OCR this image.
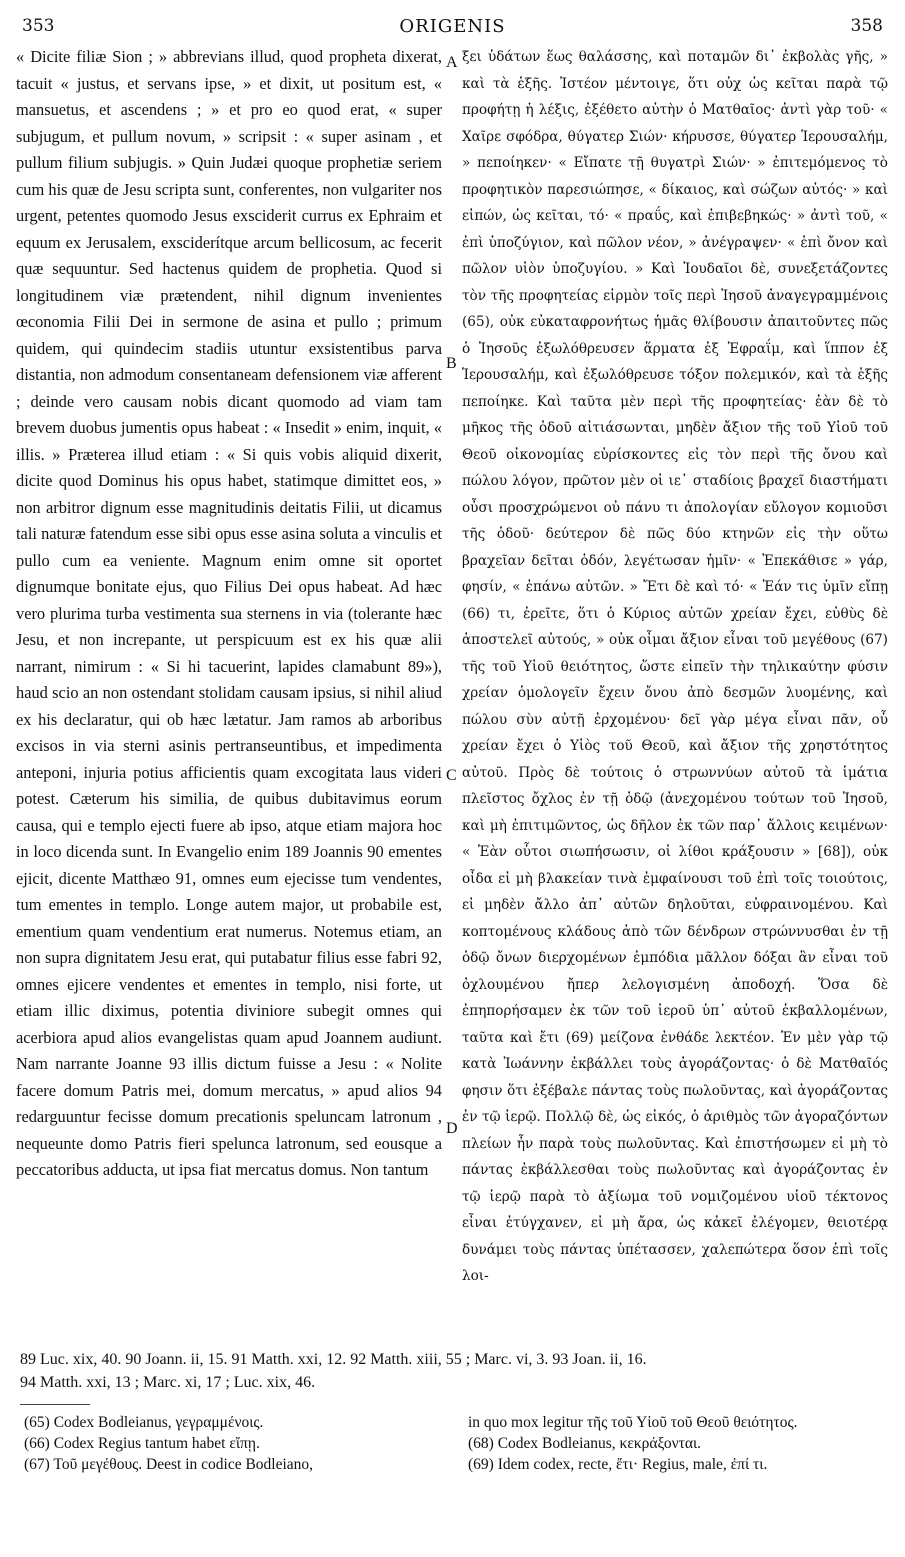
353	ORIGENIS	358

« Dicite filiæ Sion ; » abbrevians illud, quod propheta dixerat, tacuit « justus, et servans ipse, » et dixit, ut positum est, « mansuetus, et ascendens ; » et pro eo quod erat, « super subjugum, et pullum novum, » scripsit : « super asinam , et pullum filium subjugis. » Quin Judæi quoque prophetiæ seriem cum his quæ de Jesu scripta sunt, conferentes, non vulgariter nos urgent, petentes quomodo Jesus exsciderit currus ex Ephraim et equum ex Jerusalem, exsciderítque arcum bellicosum, ac fecerit quæ sequuntur. Sed hactenus quidem de prophetia. Quod si longitudinem viæ prætendent, nihil dignum invenientes œconomia Filii Dei in sermone de asina et pullo ; primum quidem, qui quindecim stadiis utuntur exsistentibus parva distantia, non admodum consentaneam defensionem viæ afferent ; deinde vero causam nobis dicant quomodo ad viam tam brevem duobus jumentis opus habeat : « Insedit » enim, inquit, « illis. » Præterea illud etiam : « Si quis vobis aliquid dixerit, dicite quod Dominus his opus habet, statimque dimittet eos, » non arbitror dignum esse magnitudinis deitatis Filii, ut dicamus tali naturæ fatendum esse sibi opus esse asina soluta a vinculis et pullo cum ea veniente. Magnum enim omne sit oportet dignumque bonitate ejus, quo Filius Dei opus habeat. Ad hæc vero plurima turba vestimenta sua sternens in via (tolerante hæc Jesu, et non increpante, ut perspicuum est ex his quæ alii narrant, nimirum : « Si hi tacuerint, lapides clamabunt 89»), haud scio an non ostendant stolidam causam ipsius, si nihil aliud ex his declaratur, qui ob hæc lætatur. Jam ramos ab arboribus excisos in via sterni asinis pertranseuntibus, et impedimenta anteponi, injuria potius afficientis quam excogitata laus videri potest. Cæterum his similia, de quibus dubitavimus eorum causa, qui e templo ejecti fuere ab ipso, atque etiam majora hoc in loco dicenda sunt. In Evangelio enim 189 Joannis 90 ementes ejicit, dicente Matthæo 91, omnes eum ejecisse tum vendentes, tum ementes in templo. Longe autem major, ut probabile est, ementium quam vendentium erat numerus. Notemus etiam, an non supra dignitatem Jesu erat, qui putabatur filius esse fabri 92, omnes ejicere vendentes et ementes in templo, nisi forte, ut etiam illic diximus, potentia diviniore subegit omnes qui acerbiora apud alios evangelistas quam apud Joannem audiunt. Nam narrante Joanne 93 illis dictum fuisse a Jesu : « Nolite facere domum Patris mei, domum mercatus, » apud alios 94 redarguuntur fecisse domum precationis speluncam latronum , nequeunte domo Patris fieri spelunca latronum, sed eousque a peccatoribus adducta, ut ipsa fiat mercatus domus. Non tantum

A
B
C
D

ξει ὑδάτων ἕως θαλάσσης, καὶ ποταμῶν δι᾿ ἐκβολὰς γῆς, » καὶ τὰ ἑξῆς. Ἰστέον μέντοιγε, ὅτι οὐχ ὡς κεῖται παρὰ τῷ προφήτῃ ἡ λέξις, ἐξέθετο αὐτὴν ὁ Ματθαῖος· ἀντὶ γὰρ τοῦ· « Χαῖρε σφόδρα, θύγατερ Σιών· κήρυσσε, θύγατερ Ἱερουσαλήμ, » πεποίηκεν· « Εἴπατε τῇ θυγατρὶ Σιών· » ἐπιτεμόμενος τὸ προφητικὸν παρεσιώπησε, « δίκαιος, καὶ σώζων αὐτός· » καὶ εἰπών, ὡς κεῖται, τό· « πραΰς, καὶ ἐπιβεβηκώς· » ἀντὶ τοῦ, « ἐπὶ ὑποζύγιον, καὶ πῶλον νέον, » ἀνέγραψεν· « ἐπὶ ὄνον καὶ πῶλον υἱὸν ὑποζυγίου. » Καὶ Ἰουδαῖοι δὲ, συνεξετάζοντες τὸν τῆς προφητείας εἱρμὸν τοῖς περὶ Ἰησοῦ ἀναγεγραμμένοις (65), οὐκ εὐκαταφρονήτως ἡμᾶς θλίβουσιν ἀπαιτοῦντες πῶς ὁ Ἰησοῦς ἐξωλόθρευσεν ἅρματα ἐξ Ἐφραΐμ, καὶ ἵππον ἐξ Ἱερουσαλήμ, καὶ ἐξωλόθρευσε τόξον πολεμικόν, καὶ τὰ ἑξῆς πεποίηκε. Καὶ ταῦτα μὲν περὶ τῆς προφητείας· ἐὰν δὲ τὸ μῆκος τῆς ὁδοῦ αἰτιάσωνται, μηδὲν ἄξιον τῆς τοῦ Υἱοῦ τοῦ Θεοῦ οἰκονομίας εὑρίσκοντες εἰς τὸν περὶ τῆς ὄνου καὶ πώλου λόγον, πρῶτον μὲν οἱ ιε᾿ σταδίοις βραχεῖ διαστήματι οὖσι προσχρώμενοι οὐ πάνυ τι ἀπολογίαν εὔλογον κομιοῦσι τῆς ὁδοῦ· δεύτερον δὲ πῶς δύο κτηνῶν εἰς τὴν οὕτω βραχεῖαν δεῖται ὁδόν, λεγέτωσαν ἡμῖν· « Ἐπεκάθισε » γάρ, φησίν, « ἐπάνω αὐτῶν. » Ἔτι δὲ καὶ τό· « Ἐάν τις ὑμῖν εἴπῃ (66) τι, ἐρεῖτε, ὅτι ὁ Κύριος αὐτῶν χρείαν ἔχει, εὐθὺς δὲ ἀποστελεῖ αὐτούς, » οὐκ οἶμαι ἄξιον εἶναι τοῦ μεγέθους (67) τῆς τοῦ Υἱοῦ θειότητος, ὥστε εἰπεῖν τὴν τηλικαύτην φύσιν χρείαν ὁμολογεῖν ἔχειν ὄνου ἀπὸ δεσμῶν λυομένης, καὶ πώλου σὺν αὐτῇ ἐρχομένου· δεῖ γὰρ μέγα εἶναι πᾶν, οὗ χρείαν ἔχει ὁ Υἱὸς τοῦ Θεοῦ, καὶ ἄξιον τῆς χρηστότητος αὐτοῦ. Πρὸς δὲ τούτοις ὁ στρωννύων αὐτοῦ τὰ ἱμάτια πλεῖστος ὄχλος ἐν τῇ ὁδῷ (ἀνεχομένου τούτων τοῦ Ἰησοῦ, καὶ μὴ ἐπιτιμῶντος, ὡς δῆλον ἐκ τῶν παρ᾿ ἄλλοις κειμένων· « Ἐὰν οὗτοι σιωπήσωσιν, οἱ λίθοι κράξουσιν » [68]), οὐκ οἶδα εἰ μὴ βλακείαν τινὰ ἐμφαίνουσι τοῦ ἐπὶ τοῖς τοιούτοις, εἰ μηδὲν ἄλλο ἀπ᾿ αὐτῶν δηλοῦται, εὐφραινομένου. Καὶ κοπτομένους κλάδους ἀπὸ τῶν δένδρων στρώννυσθαι ἐν τῇ ὁδῷ ὄνων διερχομένων ἐμπόδια μᾶλλον δόξαι ἂν εἶναι τοῦ ὀχλουμένου ἤπερ λελογισμένη ἀποδοχή. Ὅσα δὲ ἐπηπορήσαμεν ἐκ τῶν τοῦ ἱεροῦ ὑπ᾿ αὐτοῦ ἐκβαλλομένων, ταῦτα καὶ ἔτι (69) μείζονα ἐνθάδε λεκτέον. Ἐν μὲν γὰρ τῷ κατὰ Ἰωάννην ἐκβάλλει τοὺς ἀγοράζοντας· ὁ δὲ Ματθαῖός φησιν ὅτι ἐξέβαλε πάντας τοὺς πωλοῦντας, καὶ ἀγοράζοντας ἐν τῷ ἱερῷ. Πολλῷ δὲ, ὡς εἰκός, ὁ ἀριθμὸς τῶν ἀγοραζόντων πλείων ἦν παρὰ τοὺς πωλοῦντας. Καὶ ἐπιστήσωμεν εἰ μὴ τὸ πάντας ἐκβάλλεσθαι τοὺς πωλοῦντας καὶ ἀγοράζοντας ἐν τῷ ἱερῷ παρὰ τὸ ἀξίωμα τοῦ νομιζομένου υἱοῦ τέκτονος εἶναι ἐτύγχανεν, εἰ μὴ ἄρα, ὡς κἀκεῖ ἐλέγομεν, θειοτέρᾳ δυνάμει τοὺς πάντας ὑπέτασσεν, χαλεπώτερα ὅσον ἐπὶ τοῖς λοι-

89 Luc. xix, 40. 90 Joann. ii, 15. 91 Matth. xxi, 12. 92 Matth. xiii, 55 ; Marc. vi, 3. 93 Joan. ii, 16.

94 Matth. xxi, 13 ; Marc. xi, 17 ; Luc. xix, 46.

(65) Codex Bodleianus, γεγραμμένοις.
(66) Codex Regius tantum habet εἴπῃ.
(67) Τοῦ μεγέθους. Deest in codice Bodleiano,
in quo mox legitur τῆς τοῦ Υἱοῦ τοῦ Θεοῦ θειότητος.
(68) Codex Bodleianus, κεκράξονται.
(69) Idem codex, recte, ἔτι· Regius, male, ἐπί τι.
